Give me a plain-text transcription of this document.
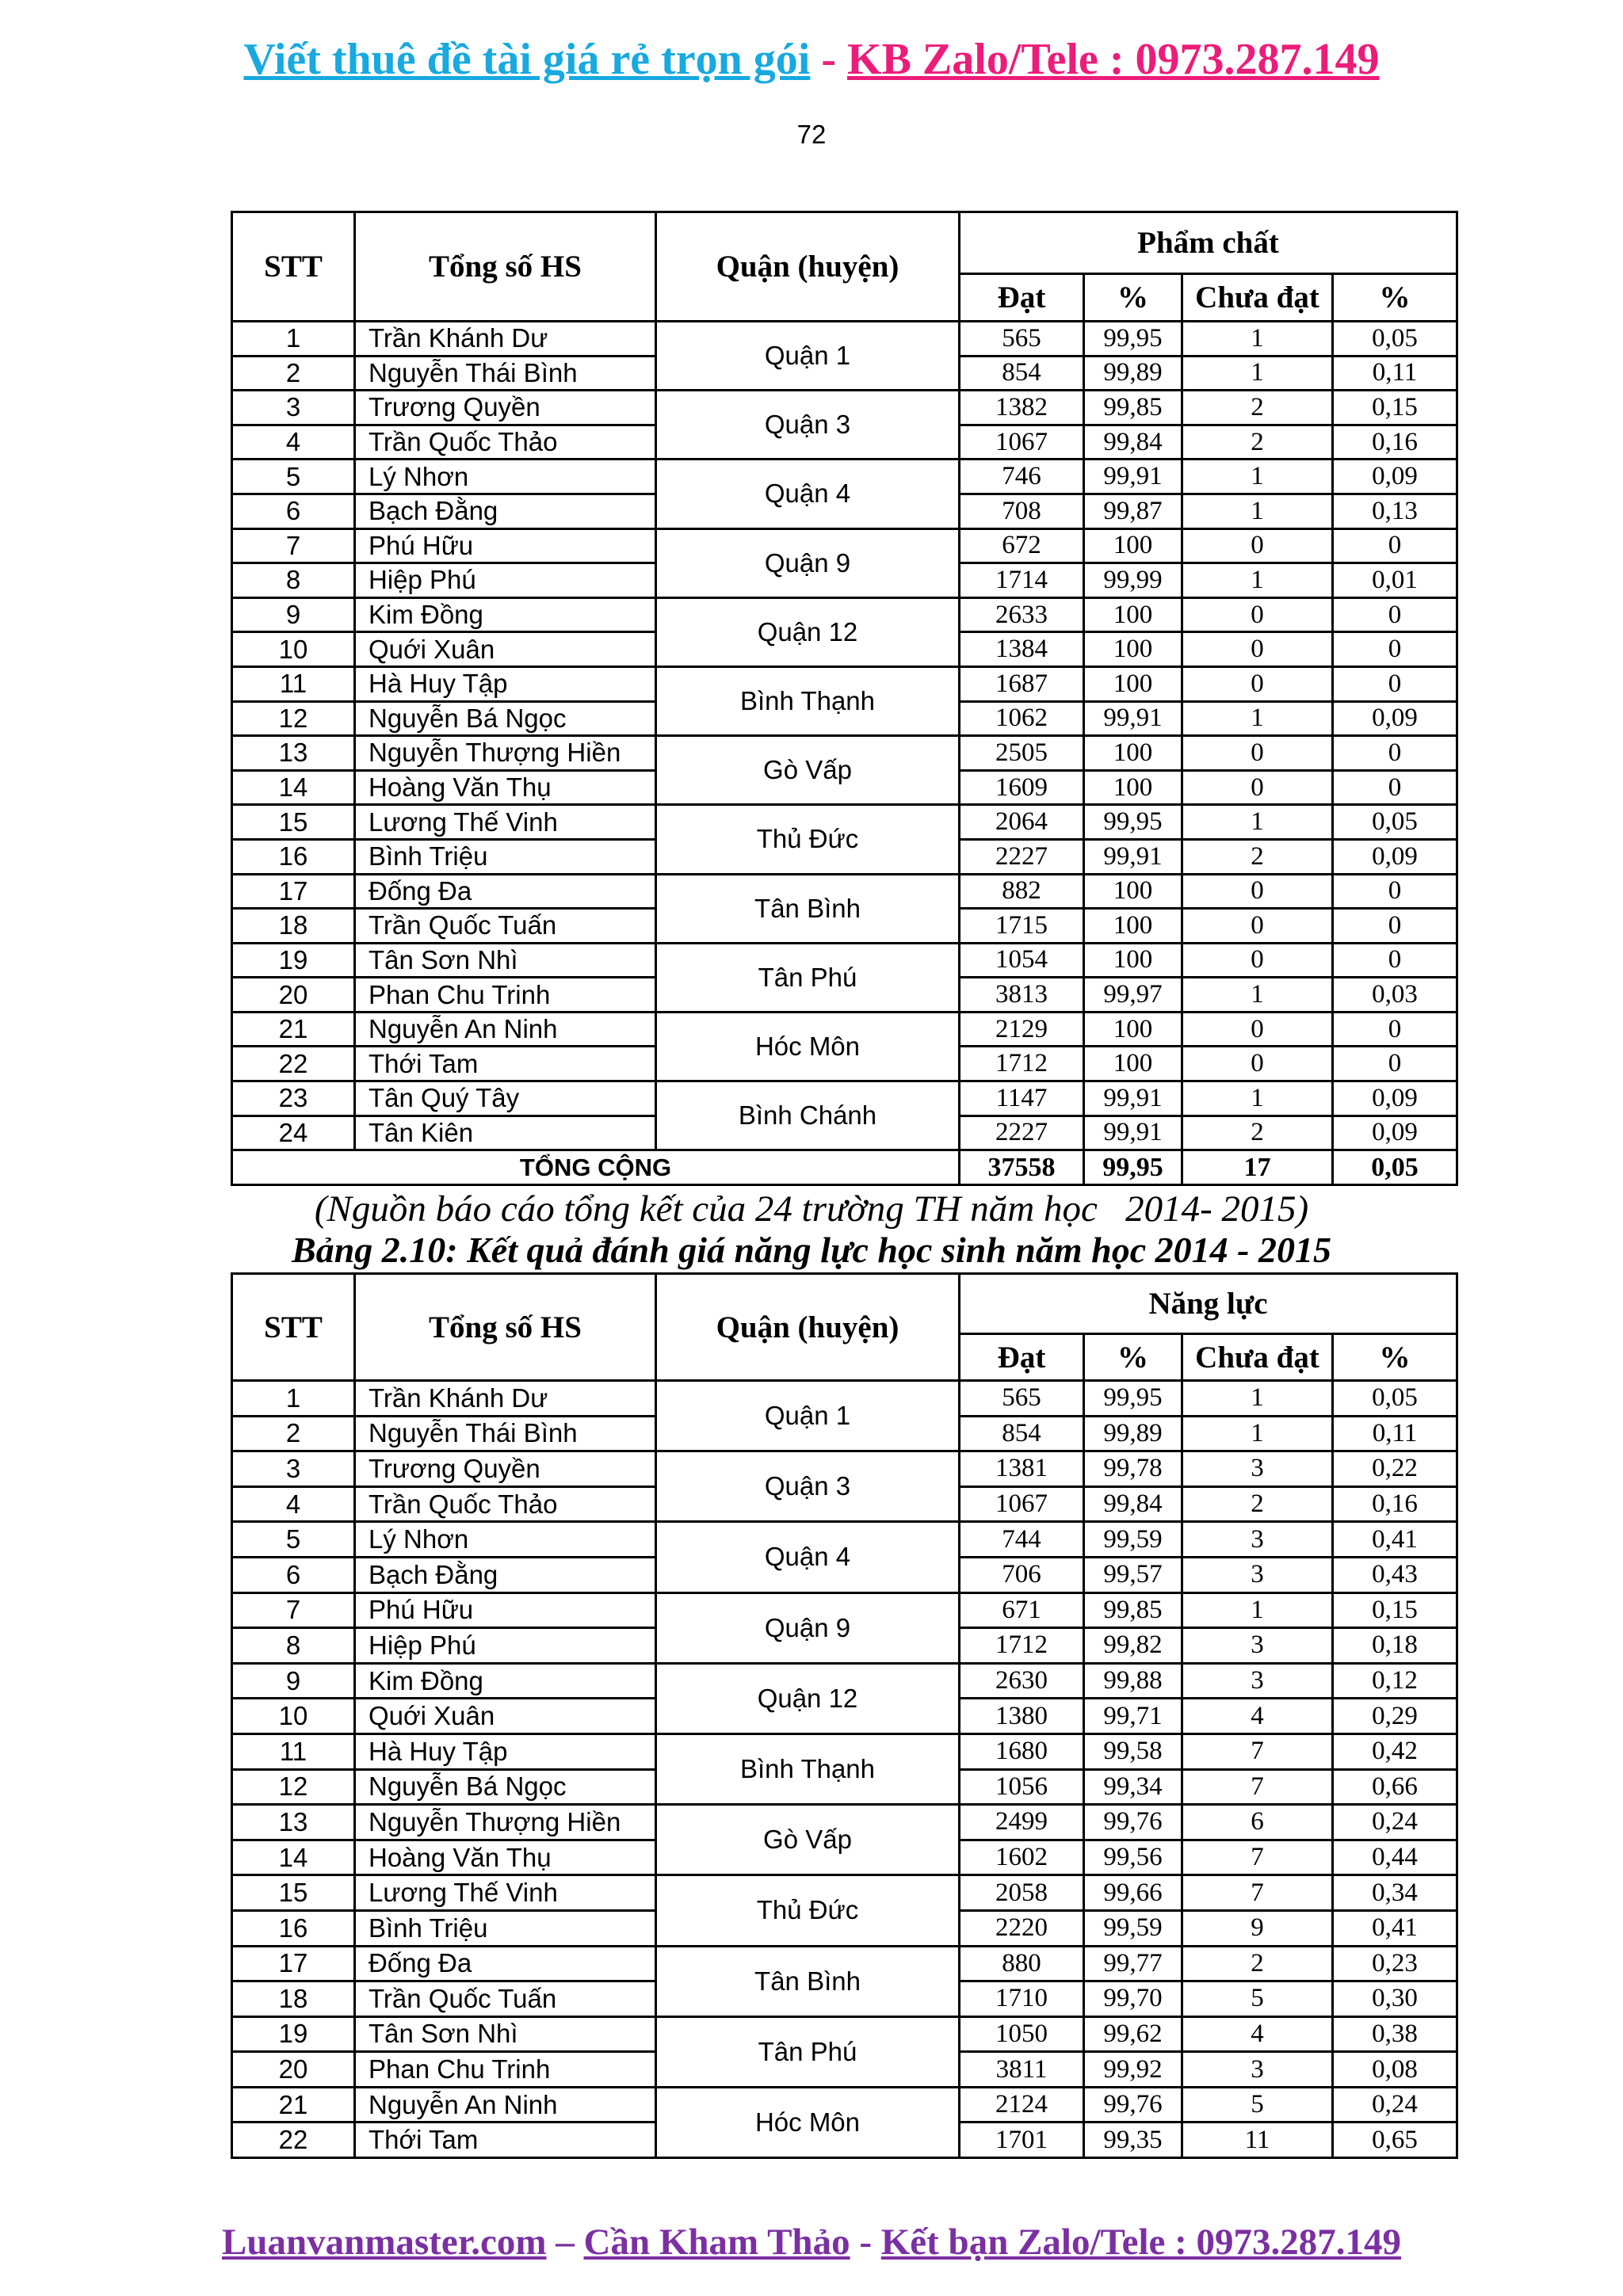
Viết thuê đề tài giá rẻ trọn gói - KB Zalo/Tele : 0973.287.149
72
STT	Tổng số HS	Quận (huyện)	Phẩm chất			
			Đạt	%	Chưa đạt	%
1	Trần Khánh Dư	Quận 1	565	99,95	1	0,05
2	Nguyễn Thái Bình		854	99,89	1	0,11
3	Trương Quyền	Quận 3	1382	99,85	2	0,15
4	Trần Quốc Thảo		1067	99,84	2	0,16
5	Lý Nhơn	Quận 4	746	99,91	1	0,09
6	Bạch Đằng		708	99,87	1	0,13
7	Phú Hữu	Quận 9	672	100	0	0
8	Hiệp Phú		1714	99,99	1	0,01
9	Kim Đồng	Quận 12	2633	100	0	0
10	Quới Xuân		1384	100	0	0
11	Hà Huy Tập	Bình Thạnh	1687	100	0	0
12	Nguyễn Bá Ngọc		1062	99,91	1	0,09
13	Nguyễn Thượng Hiền	Gò Vấp	2505	100	0	0
14	Hoàng Văn Thụ		1609	100	0	0
15	Lương Thế Vinh	Thủ Đức	2064	99,95	1	0,05
16	Bình Triệu		2227	99,91	2	0,09
17	Đống Đa	Tân Bình	882	100	0	0
18	Trần Quốc Tuấn		1715	100	0	0
19	Tân Sơn Nhì	Tân Phú	1054	100	0	0
20	Phan Chu Trinh		3813	99,97	1	0,03
21	Nguyễn An Ninh	Hóc Môn	2129	100	0	0
22	Thới Tam		1712	100	0	0
23	Tân Quý Tây	Bình Chánh	1147	99,91	1	0,09
24	Tân Kiên		2227	99,91	2	0,09
TỔNG CỘNG			37558	99,95	17	0,05
(Nguồn báo cáo tổng kết của 24 trường TH năm học   2014- 2015)
Bảng 2.10: Kết quả đánh giá năng lực học sinh năm học 2014 - 2015
STT	Tổng số HS	Quận (huyện)	Năng lực			
			Đạt	%	Chưa đạt	%
1	Trần Khánh Dư	Quận 1	565	99,95	1	0,05
2	Nguyễn Thái Bình		854	99,89	1	0,11
3	Trương Quyền	Quận 3	1381	99,78	3	0,22
4	Trần Quốc Thảo		1067	99,84	2	0,16
5	Lý Nhơn	Quận 4	744	99,59	3	0,41
6	Bạch Đằng		706	99,57	3	0,43
7	Phú Hữu	Quận 9	671	99,85	1	0,15
8	Hiệp Phú		1712	99,82	3	0,18
9	Kim Đồng	Quận 12	2630	99,88	3	0,12
10	Quới Xuân		1380	99,71	4	0,29
11	Hà Huy Tập	Bình Thạnh	1680	99,58	7	0,42
12	Nguyễn Bá Ngọc		1056	99,34	7	0,66
13	Nguyễn Thượng Hiền	Gò Vấp	2499	99,76	6	0,24
14	Hoàng Văn Thụ		1602	99,56	7	0,44
15	Lương Thế Vinh	Thủ Đức	2058	99,66	7	0,34
16	Bình Triệu		2220	99,59	9	0,41
17	Đống Đa	Tân Bình	880	99,77	2	0,23
18	Trần Quốc Tuấn		1710	99,70	5	0,30
19	Tân Sơn Nhì	Tân Phú	1050	99,62	4	0,38
20	Phan Chu Trinh		3811	99,92	3	0,08
21	Nguyễn An Ninh	Hóc Môn	2124	99,76	5	0,24
22	Thới Tam		1701	99,35	11	0,65
Luanvanmaster.com – Cần Kham Thảo - Kết bạn Zalo/Tele : 0973.287.149
